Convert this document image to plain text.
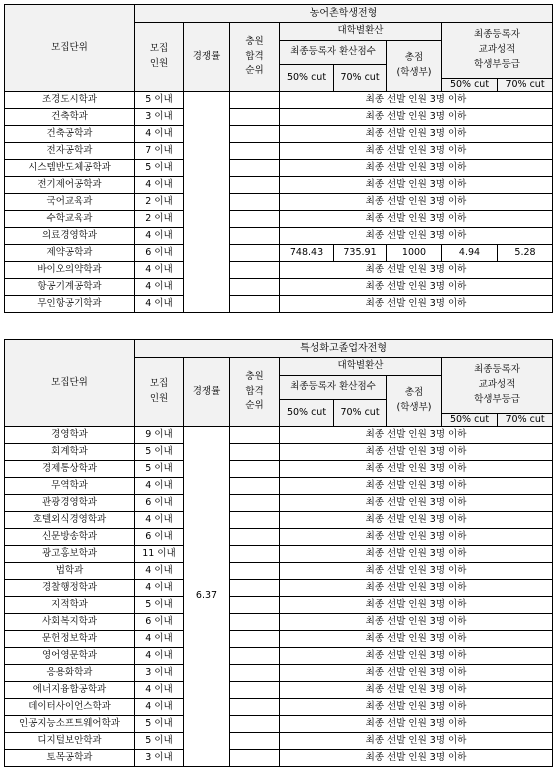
모집단위	농어촌학생전형							
	모집
인원	경쟁률	충원
합격
순위	대학별환산			최종등록자
교과성적
학생부등급	
				최종등록자 환산점수		총점
(학생부)		
				50% cut	70% cut			
							50% cut	70% cut
조경도시학과	5 이내			최종 선발 인원 3명 이하				
건축학과	3 이내			최종 선발 인원 3명 이하				
건축공학과	4 이내			최종 선발 인원 3명 이하				
전자공학과	7 이내			최종 선발 인원 3명 이하				
시스템반도체공학과	5 이내			최종 선발 인원 3명 이하				
전기제어공학과	4 이내			최종 선발 인원 3명 이하				
국어교육과	2 이내			최종 선발 인원 3명 이하				
수학교육과	2 이내			최종 선발 인원 3명 이하				
의료경영학과	4 이내			최종 선발 인원 3명 이하				
제약공학과	6 이내			748.43	735.91	1000	4.94	5.28
바이오의약학과	4 이내			최종 선발 인원 3명 이하				
항공기계공학과	4 이내			최종 선발 인원 3명 이하				
무인항공기학과	4 이내			최종 선발 인원 3명 이하				
모집단위	특성화고졸업자전형							
	모집
인원	경쟁률	충원
합격
순위	대학별환산			최종등록자
교과성적
학생부등급	
				최종등록자 환산점수		총점
(학생부)		
				50% cut	70% cut			
							50% cut	70% cut
경영학과	9 이내	6.37		최종 선발 인원 3명 이하				
회계학과	5 이내			최종 선발 인원 3명 이하				
경제통상학과	5 이내			최종 선발 인원 3명 이하				
무역학과	4 이내			최종 선발 인원 3명 이하				
관광경영학과	6 이내			최종 선발 인원 3명 이하				
호텔외식경영학과	4 이내			최종 선발 인원 3명 이하				
신문방송학과	6 이내			최종 선발 인원 3명 이하				
광고홍보학과	11 이내			최종 선발 인원 3명 이하				
법학과	4 이내			최종 선발 인원 3명 이하				
경찰행정학과	4 이내			최종 선발 인원 3명 이하				
지적학과	5 이내			최종 선발 인원 3명 이하				
사회복지학과	6 이내			최종 선발 인원 3명 이하				
문헌정보학과	4 이내			최종 선발 인원 3명 이하				
영어영문학과	4 이내			최종 선발 인원 3명 이하				
응용화학과	3 이내			최종 선발 인원 3명 이하				
에너지융합공학과	4 이내			최종 선발 인원 3명 이하				
데이터사이언스학과	4 이내			최종 선발 인원 3명 이하				
인공지능소프트웨어학과	5 이내			최종 선발 인원 3명 이하				
디지털보안학과	5 이내			최종 선발 인원 3명 이하				
토목공학과	3 이내			최종 선발 인원 3명 이하				
